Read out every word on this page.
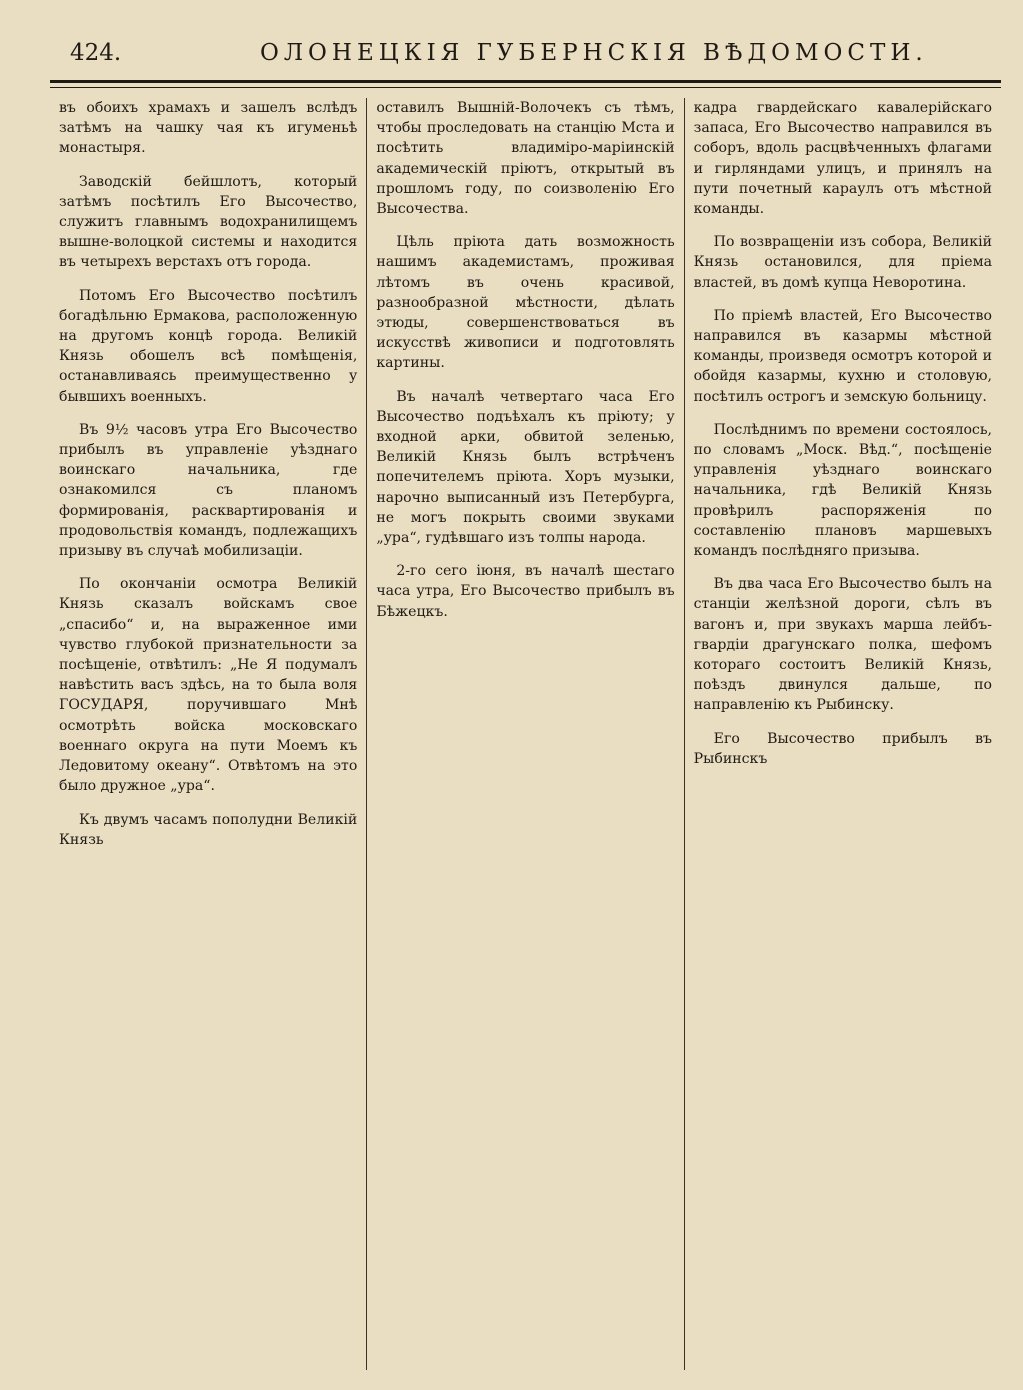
424.	ОЛОНЕЦКІЯ ГУБЕРНСКІЯ ВѢДОМОСТИ.

въ обоихъ храмахъ и зашелъ вслѣдъ затѣмъ на чашку чая къ игуменьѣ монастыря.

Заводскій бейшлотъ, который затѣмъ посѣтилъ Его Высочество, служитъ главнымъ водохранилищемъ вышне-волоцкой системы и находится въ четырехъ верстахъ отъ города.

Потомъ Его Высочество посѣтилъ богадѣльню Ермакова, расположенную на другомъ концѣ города. Великій Князь обошелъ всѣ помѣщенія, останавливаясь преимущественно у бывшихъ военныхъ.

Въ 9½ часовъ утра Его Высочество прибылъ въ управленіе уѣзднаго воинскаго начальника, где ознакомился съ планомъ формированія, расквартированія и продовольствія командъ, подлежащихъ призыву въ случаѣ мобилизаціи.

По окончаніи осмотра Великій Князь сказалъ войскамъ свое „спасибо“ и, на выраженное ими чувство глубокой признательности за посѣщеніе, отвѣтилъ: „Не Я подумалъ навѣстить васъ здѣсь, на то была воля ГОСУДАРЯ, поручившаго Мнѣ осмотрѣть войска московскаго военнаго округа на пути Моемъ къ Ледовитому океану“. Отвѣтомъ на это было дружное „ура“.

Къ двумъ часамъ пополудни Великій Князь

оставилъ Вышній-Волочекъ съ тѣмъ, чтобы проследовать на станцію Мста и посѣтить владиміро-маріинскій академическій пріютъ, открытый въ прошломъ году, по соизволенію Его Высочества.

Цѣль пріюта дать возможность нашимъ академистамъ, проживая лѣтомъ въ очень красивой, разнообразной мѣстности, дѣлать этюды, совершенствоваться въ искусствѣ живописи и подготовлять картины.

Въ началѣ четвертаго часа Его Высочество подъѣхалъ къ пріюту; у входной арки, обвитой зеленью, Великій Князь былъ встрѣченъ попечителемъ пріюта. Хоръ музыки, нарочно выписанный изъ Петербурга, не могъ покрыть своими звуками „ура“, гудѣвшаго изъ толпы народа.

2-го сего іюня, въ началѣ шестаго часа утра, Его Высочество прибылъ въ Бѣжецкъ.

кадра гвардейскаго кавалерійскаго запаса, Его Высочество направился въ соборъ, вдоль расцвѣченныхъ флагами и гирляндами улицъ, и принялъ на пути почетный караулъ отъ мѣстной команды.

По возвращеніи изъ собора, Великій Князь остановился, для пріема властей, въ домѣ купца Неворотина.

По пріемѣ властей, Его Высочество направился въ казармы мѣстной команды, произведя осмотръ которой и обойдя казармы, кухню и столовую, посѣтилъ острогъ и земскую больницу.

Послѣднимъ по времени состоялось, по словамъ „Моск. Вѣд.“, посѣщеніе управленія уѣзднаго воинскаго начальника, гдѣ Великій Князь провѣрилъ распоряженія по составленію плановъ маршевыхъ командъ послѣдняго призыва.

Въ два часа Его Высочество былъ на станціи желѣзной дороги, сѣлъ въ вагонъ и, при звукахъ марша лейбъ-гвардіи драгунскаго полка, шефомъ котораго состоитъ Великій Князь, поѣздъ двинулся дальше, по направленію къ Рыбинску.

Его Высочество прибылъ въ Рыбинскъ
